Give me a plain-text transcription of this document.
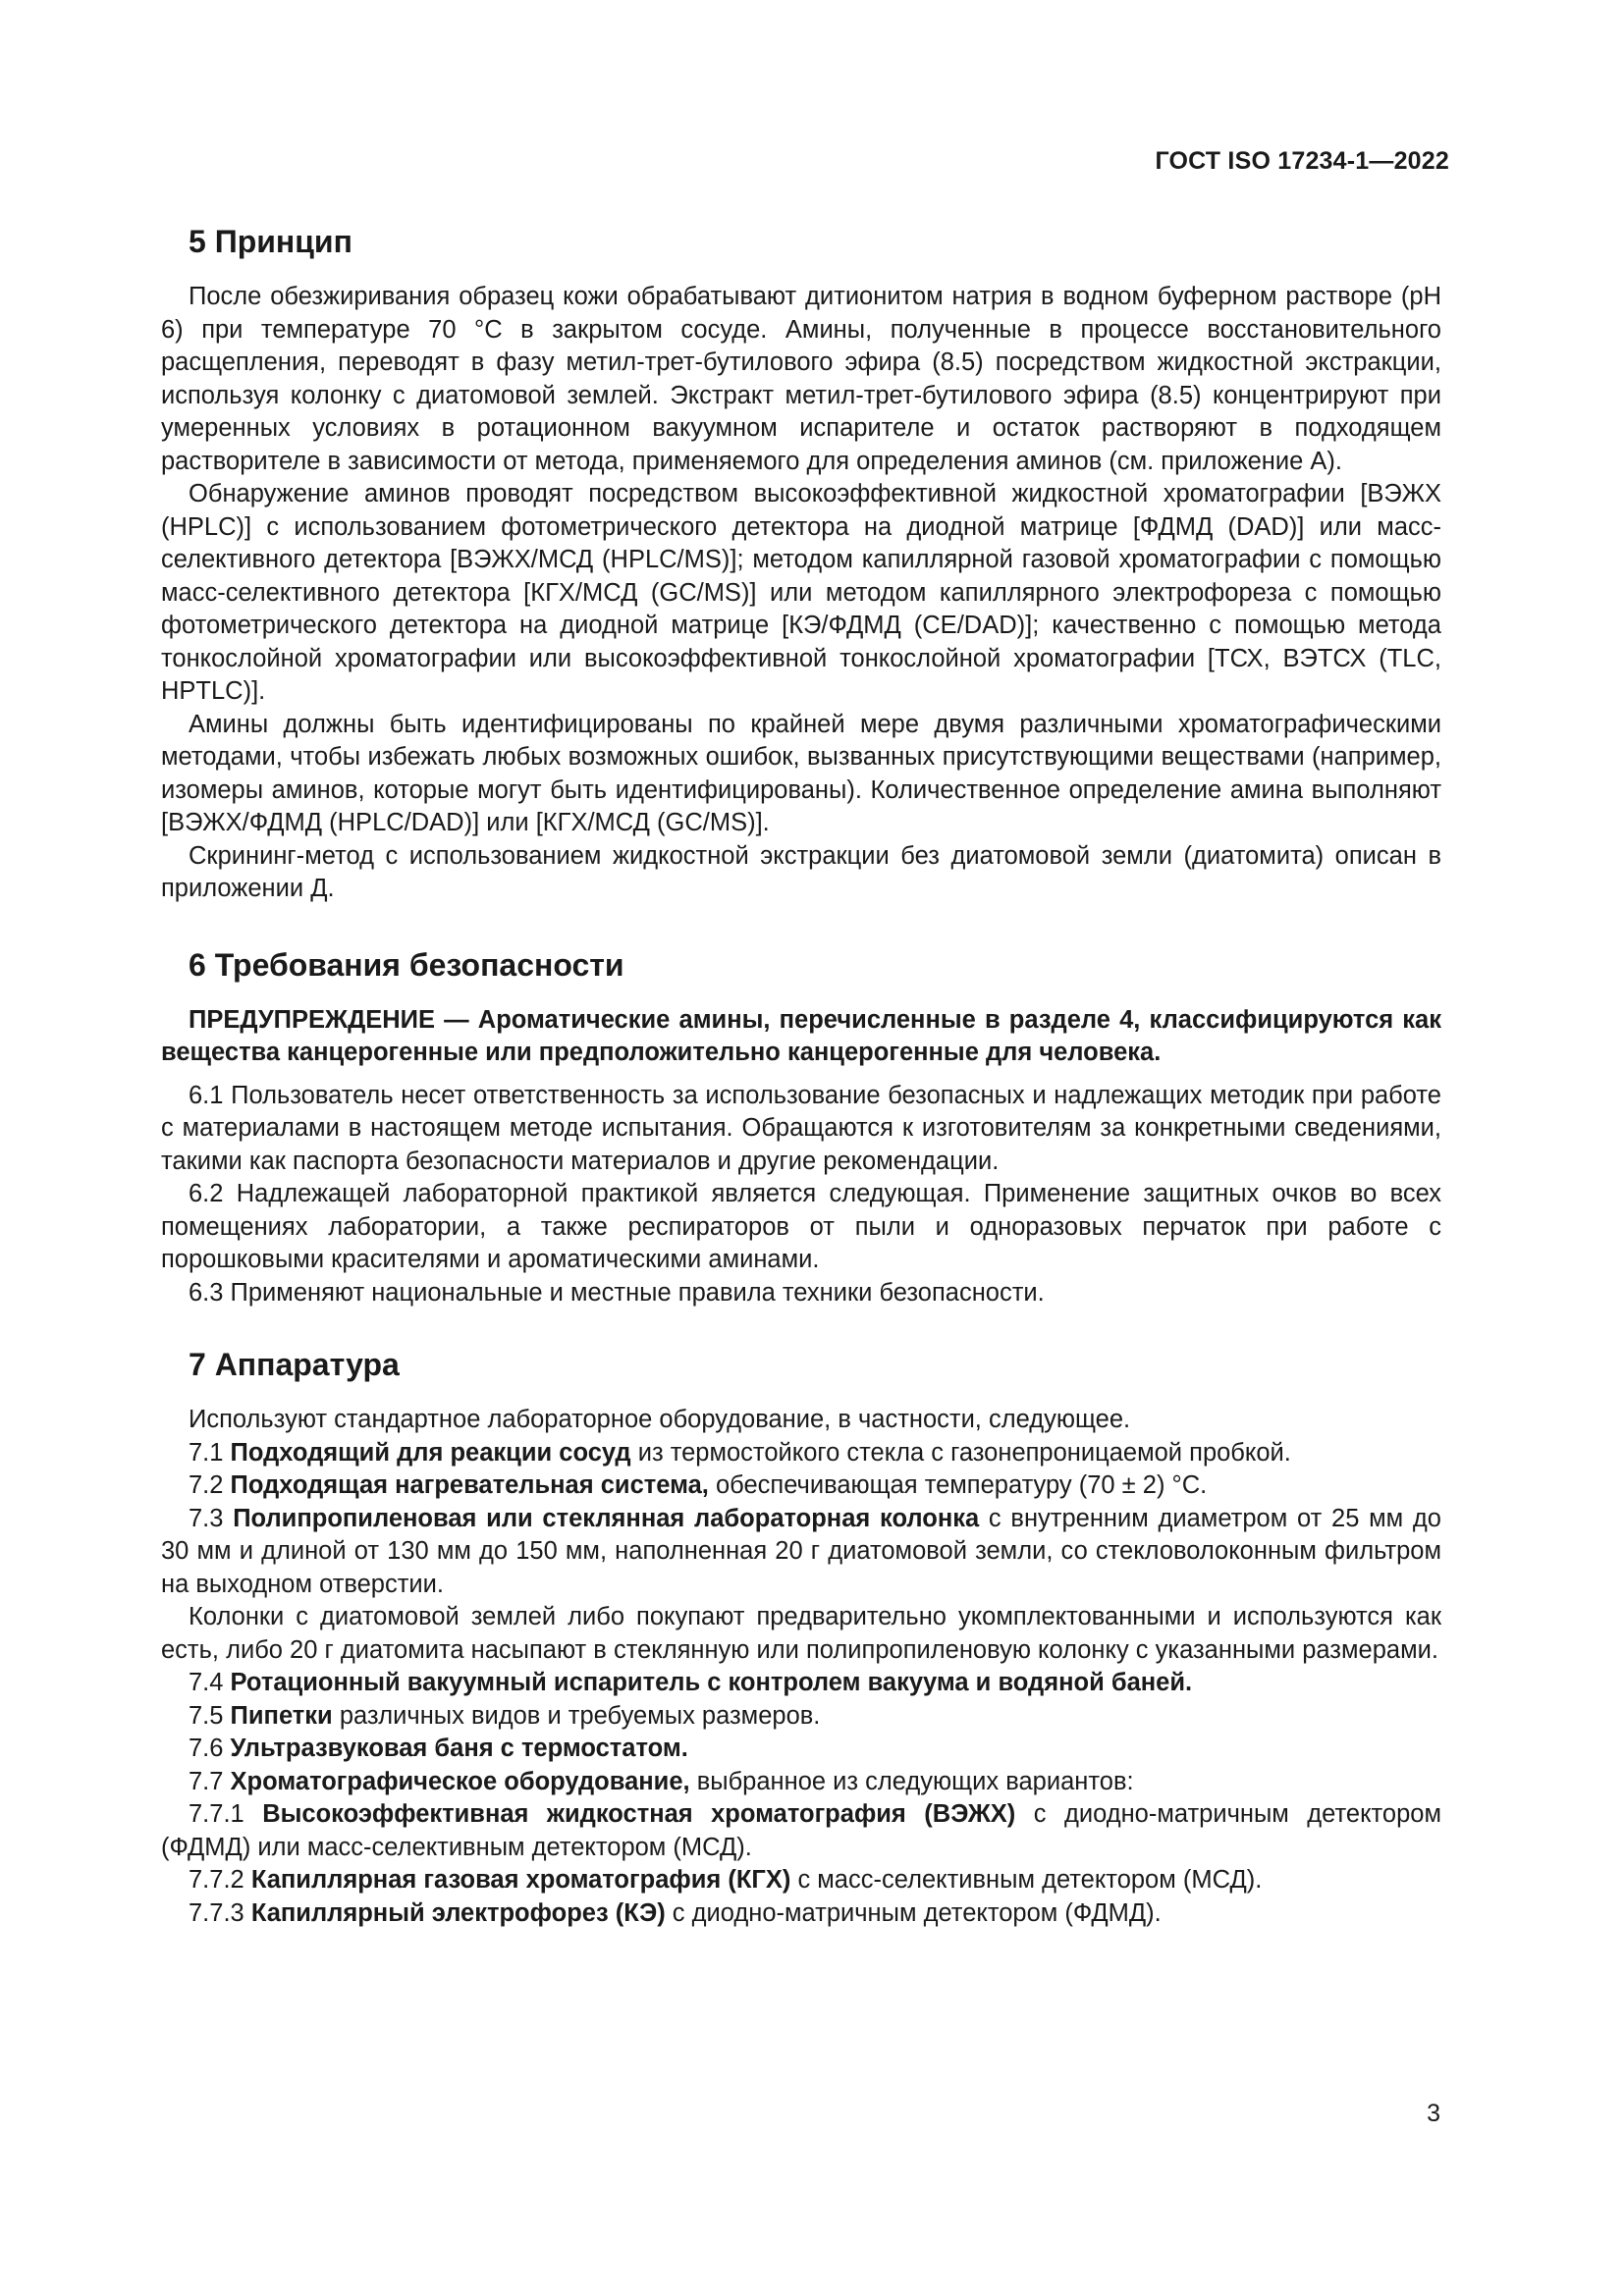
ГОСТ ISO 17234-1—2022
5 Принцип

После обезжиривания образец кожи обрабатывают дитионитом натрия в водном буферном растворе (pH 6) при температуре 70 °C в закрытом сосуде. Амины, полученные в процессе восстановительного расщепления, переводят в фазу метил-трет-бутилового эфира (8.5) посредством жидкостной экстракции, используя колонку с диатомовой землей. Экстракт метил-трет-бутилового эфира (8.5) концентрируют при умеренных условиях в ротационном вакуумном испарителе и остаток растворяют в подходящем растворителе в зависимости от метода, применяемого для определения аминов (см. приложение А).

Обнаружение аминов проводят посредством высокоэффективной жидкостной хроматографии [ВЭЖХ (HPLC)] с использованием фотометрического детектора на диодной матрице [ФДМД (DAD)] или масс-селективного детектора [ВЭЖХ/МСД (HPLC/MS)]; методом капиллярной газовой хроматографии с помощью масс-селективного детектора [КГХ/МСД (GC/MS)] или методом капиллярного электрофореза с помощью фотометрического детектора на диодной матрице [КЭ/ФДМД (CE/DAD)]; качественно с помощью метода тонкослойной хроматографии или высокоэффективной тонкослойной хроматографии [ТСХ, ВЭТСХ (TLC, HPTLC)].

Амины должны быть идентифицированы по крайней мере двумя различными хроматографическими методами, чтобы избежать любых возможных ошибок, вызванных присутствующими веществами (например, изомеры аминов, которые могут быть идентифицированы). Количественное определение амина выполняют [ВЭЖХ/ФДМД (HPLC/DAD)] или [КГХ/МСД (GC/MS)].

Скрининг-метод с использованием жидкостной экстракции без диатомовой земли (диатомита) описан в приложении Д.

6 Требования безопасности

ПРЕДУПРЕЖДЕНИЕ — Ароматические амины, перечисленные в разделе 4, классифицируются как вещества канцерогенные или предположительно канцерогенные для человека.

6.1 Пользователь несет ответственность за использование безопасных и надлежащих методик при работе с материалами в настоящем методе испытания. Обращаются к изготовителям за конкретными сведениями, такими как паспорта безопасности материалов и другие рекомендации.

6.2 Надлежащей лабораторной практикой является следующая. Применение защитных очков во всех помещениях лаборатории, а также респираторов от пыли и одноразовых перчаток при работе с порошковыми красителями и ароматическими аминами.

6.3 Применяют национальные и местные правила техники безопасности.

7 Аппаратура

Используют стандартное лабораторное оборудование, в частности, следующее.

7.1 Подходящий для реакции сосуд из термостойкого стекла с газонепроницаемой пробкой.

7.2 Подходящая нагревательная система, обеспечивающая температуру (70 ± 2) °C.

7.3 Полипропиленовая или стеклянная лабораторная колонка с внутренним диаметром от 25 мм до 30 мм и длиной от 130 мм до 150 мм, наполненная 20 г диатомовой земли, со стекловолоконным фильтром на выходном отверстии.

Колонки с диатомовой землей либо покупают предварительно укомплектованными и используются как есть, либо 20 г диатомита насыпают в стеклянную или полипропиленовую колонку с указанными размерами.

7.4 Ротационный вакуумный испаритель с контролем вакуума и водяной баней.

7.5 Пипетки различных видов и требуемых размеров.

7.6 Ультразвуковая баня с термостатом.

7.7 Хроматографическое оборудование, выбранное из следующих вариантов:

7.7.1 Высокоэффективная жидкостная хроматография (ВЭЖХ) с диодно-матричным детектором (ФДМД) или масс-селективным детектором (МСД).

7.7.2 Капиллярная газовая хроматография (КГХ) с масс-селективным детектором (МСД).

7.7.3 Капиллярный электрофорез (КЭ) с диодно-матричным детектором (ФДМД).

3
